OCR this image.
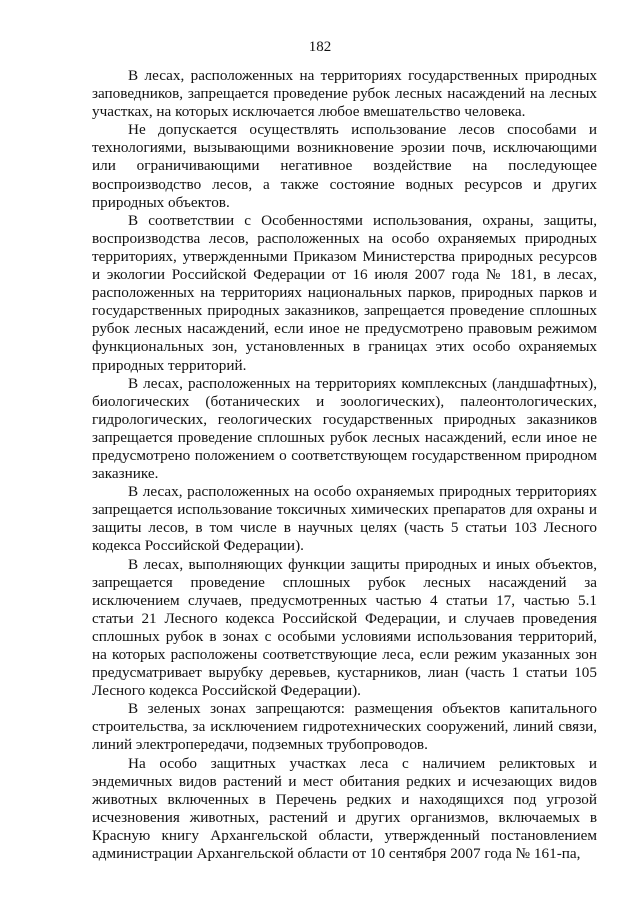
182

В лесах, расположенных на территориях государственных природных заповедников, запрещается проведение рубок лесных насаждений на лесных участках, на которых исключается любое вмешательство человека.

Не допускается осуществлять использование лесов способами и технологиями, вызывающими возникновение эрозии почв, исключающими или ограничивающими негативное воздействие на последующее воспроизводство лесов, а также состояние водных ресурсов и других природных объектов.

В соответствии с Особенностями использования, охраны, защиты, воспроизводства лесов, расположенных на особо охраняемых природных территориях, утвержденными Приказом Министерства природных ресурсов и экологии Российской Федерации от 16 июля 2007 года № 181, в лесах, расположенных на территориях национальных парков, природных парков и государственных природных заказников, запрещается проведение сплошных рубок лесных насаждений, если иное не предусмотрено правовым режимом функциональных зон, установленных в границах этих особо охраняемых природных территорий.

В лесах, расположенных на территориях комплексных (ландшафтных), биологических (ботанических и зоологических), палеонтологических, гидрологических, геологических государственных природных заказников запрещается проведение сплошных рубок лесных насаждений, если иное не предусмотрено положением о соответствующем государственном природном заказнике.

В лесах, расположенных на особо охраняемых природных территориях запрещается использование токсичных химических препаратов для охраны и защиты лесов, в том числе в научных целях (часть 5 статьи 103 Лесного кодекса Российской Федерации).

В лесах, выполняющих функции защиты природных и иных объектов, запрещается проведение сплошных рубок лесных насаждений за исключением случаев, предусмотренных частью 4 статьи 17, частью 5.1 статьи 21 Лесного кодекса Российской Федерации, и случаев проведения сплошных рубок в зонах с особыми условиями использования территорий, на которых расположены соответствующие леса, если режим указанных зон предусматривает вырубку деревьев, кустарников, лиан (часть 1 статьи 105 Лесного кодекса Российской Федерации).

В зеленых зонах запрещаются: размещения объектов капитального строительства, за исключением гидротехнических сооружений, линий связи, линий электропередачи, подземных трубопроводов.

На особо защитных участках леса с наличием реликтовых и эндемичных видов растений и мест обитания редких и исчезающих видов животных включенных в Перечень редких и находящихся под угрозой исчезновения животных, растений и других организмов, включаемых в Красную книгу Архангельской области, утвержденный постановлением администрации Архангельской области от 10 сентября 2007 года № 161-па,
